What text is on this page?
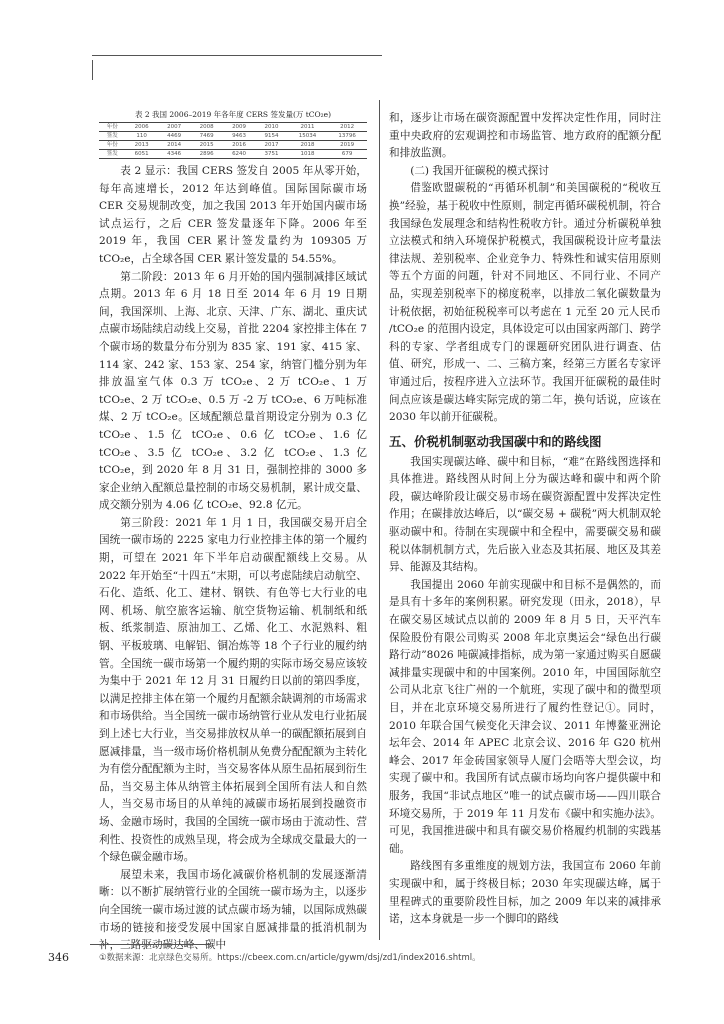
表 2 我国 2006–2019 年各年度 CERS 签发量(万 tCO₂e)
年份	2006	2007	2008	2009	2010	2011	2012
签发	110	4469	7469	9463	9154	15034	13796
年份	2013	2014	2015	2016	2017	2018	2019
签发	6051	4346	2896	6240	3751	1018	679

表 2 显示：我国 CERS 签发自 2005 年从零开始，每年高速增长，2012 年达到峰值。国际国际碳市场 CER 交易规制改变，加之我国 2013 年开始国内碳市场试点运行，之后 CER 签发量逐年下降。2006 年至 2019 年，我国 CER 累计签发量约为 109305 万 tCO₂e，占全球各国 CER 累计签发量的 54.55%。

第二阶段：2013 年 6 月开始的国内强制减排区域试点期。2013 年 6 月 18 日至 2014 年 6 月 19 日期间，我国深圳、上海、北京、天津、广东、湖北、重庆试点碳市场陆续启动线上交易，首批 2204 家控排主体在 7 个碳市场的数量分布分别为 835 家、191 家、415 家、114 家、242 家、153 家、254 家，纳管门槛分别为年排放温室气体 0.3 万 tCO₂e、2 万 tCO₂e、1 万 tCO₂e、2 万 tCO₂e、0.5 万 -2 万 tCO₂e、6 万吨标准煤、2 万 tCO₂e。区域配额总量首期设定分别为 0.3 亿 tCO₂e、1.5 亿 tCO₂e、0.6 亿 tCO₂e、1.6 亿 tCO₂e、3.5 亿 tCO₂e、3.2 亿 tCO₂e、1.3 亿 tCO₂e，到 2020 年 8 月 31 日，强制控排的 3000 多家企业纳入配额总量控制的市场交易机制，累计成交量、成交额分别为 4.06 亿 tCO₂e、92.8 亿元。

第三阶段：2021 年 1 月 1 日，我国碳交易开启全国统一碳市场的 2225 家电力行业控排主体的第一个履约期，可望在 2021 年下半年启动碳配额线上交易。从 2022 年开始至“十四五”末期，可以考虑陆续启动航空、石化、造纸、化工、建材、钢铁、有色等七大行业的电网、机场、航空旅客运输、航空货物运输、机制纸和纸板、纸浆制造、原油加工、乙烯、化工、水泥熟料、粗钢、平板玻璃、电解铝、铜冶炼等 18 个子行业的履约纳管。全国统一碳市场第一个履约期的实际市场交易应该较为集中于 2021 年 12 月 31 日履约日以前的第四季度，以满足控排主体在第一个履约月配额余缺调剂的市场需求和市场供给。当全国统一碳市场纳管行业从发电行业拓展到上述七大行业，当交易排放权从单一的碳配额拓展到自愿减排量，当一级市场价格机制从免费分配配额为主转化为有偿分配配额为主时，当交易客体从原生品拓展到衍生品，当交易主体从纳管主体拓展到全国所有法人和自然人，当交易市场目的从单纯的减碳市场拓展到投融资市场、金融市场时，我国的全国统一碳市场由于流动性、营利性、投资性的成熟呈现，将会成为全球成交量最大的一个绿色碳金融市场。

展望未来，我国市场化减碳价格机制的发展逐渐清晰：以不断扩展纳管行业的全国统一碳市场为主，以逐步向全国统一碳市场过渡的试点碳市场为辅，以国际成熟碳市场的链接和接受发展中国家自愿减排量的抵消机制为补，三路驱动碳达峰、碳中

和，逐步让市场在碳资源配置中发挥决定性作用，同时注重中央政府的宏观调控和市场监管、地方政府的配额分配和排放监测。

(二) 我国开征碳税的模式探讨

借鉴欧盟碳税的“再循环机制”和美国碳税的“税收互换”经验，基于税收中性原则，制定再循环碳税机制，符合我国绿色发展理念和结构性税收方针。通过分析碳税单独立法模式和纳入环境保护税模式，我国碳税设计应考量法律法规、差别税率、企业竞争力、特殊性和诚实信用原则等五个方面的问题，针对不同地区、不同行业、不同产品，实现差别税率下的梯度税率，以排放二氧化碳数量为计税依据，初始征税税率可以考虑在 1 元至 20 元人民币 /tCO₂e 的范围内设定，具体设定可以由国家两部门、跨学科的专家、学者组成专门的课题研究团队进行调查、估值、研究，形成一、二、三稿方案，经第三方匿名专家评审通过后，按程序进入立法环节。我国开征碳税的最佳时间点应该是碳达峰实际完成的第二年，换句话说，应该在 2030 年以前开征碳税。

五、价税机制驱动我国碳中和的路线图

我国实现碳达峰、碳中和目标，“难”在路线图选择和具体推进。路线图从时间上分为碳达峰和碳中和两个阶段，碳达峰阶段让碳交易市场在碳资源配置中发挥决定性作用；在碳排放达峰后，以“碳交易 + 碳税”两大机制双轮驱动碳中和。待制在实现碳中和全程中，需要碳交易和碳税以体制机制方式，先后嵌入业态及其拓展、地区及其差异、能源及其结构。

我国提出 2060 年前实现碳中和目标不是偶然的，而是具有十多年的案例积累。研究发现（田永，2018），早在碳交易区域试点以前的 2009 年 8 月 5 日，天平汽车保险股份有限公司购买 2008 年北京奥运会“绿色出行碳路行动”8026 吨碳减排指标，成为第一家通过购买自愿碳减排量实现碳中和的中国案例。2010 年，中国国际航空公司从北京飞往广州的一个航班，实现了碳中和的微型项目，并在北京环境交易所进行了履约性登记①。同时，2010 年联合国气候变化天津会议、2011 年博鳌亚洲论坛年会、2014 年 APEC 北京会议、2016 年 G20 杭州峰会、2017 年金砖国家领导人厦门会晤等大型会议，均实现了碳中和。我国所有试点碳市场均向客户提供碳中和服务，我国“非试点地区”唯一的试点碳市场——四川联合环境交易所，于 2019 年 11 月发布《碳中和实施办法》。可见，我国推进碳中和具有碳交易价格履约机制的实践基础。

路线图有多重维度的规划方法，我国宣布 2060 年前实现碳中和，属于终极目标；2030 年实现碳达峰，属于里程碑式的重要阶段性目标，加之 2009 年以来的减排承诺，这本身就是一步一个脚印的路线

346	①数据来源：北京绿色交易所。https://cbeex.com.cn/article/gywm/dsj/zd1/index2016.shtml。
